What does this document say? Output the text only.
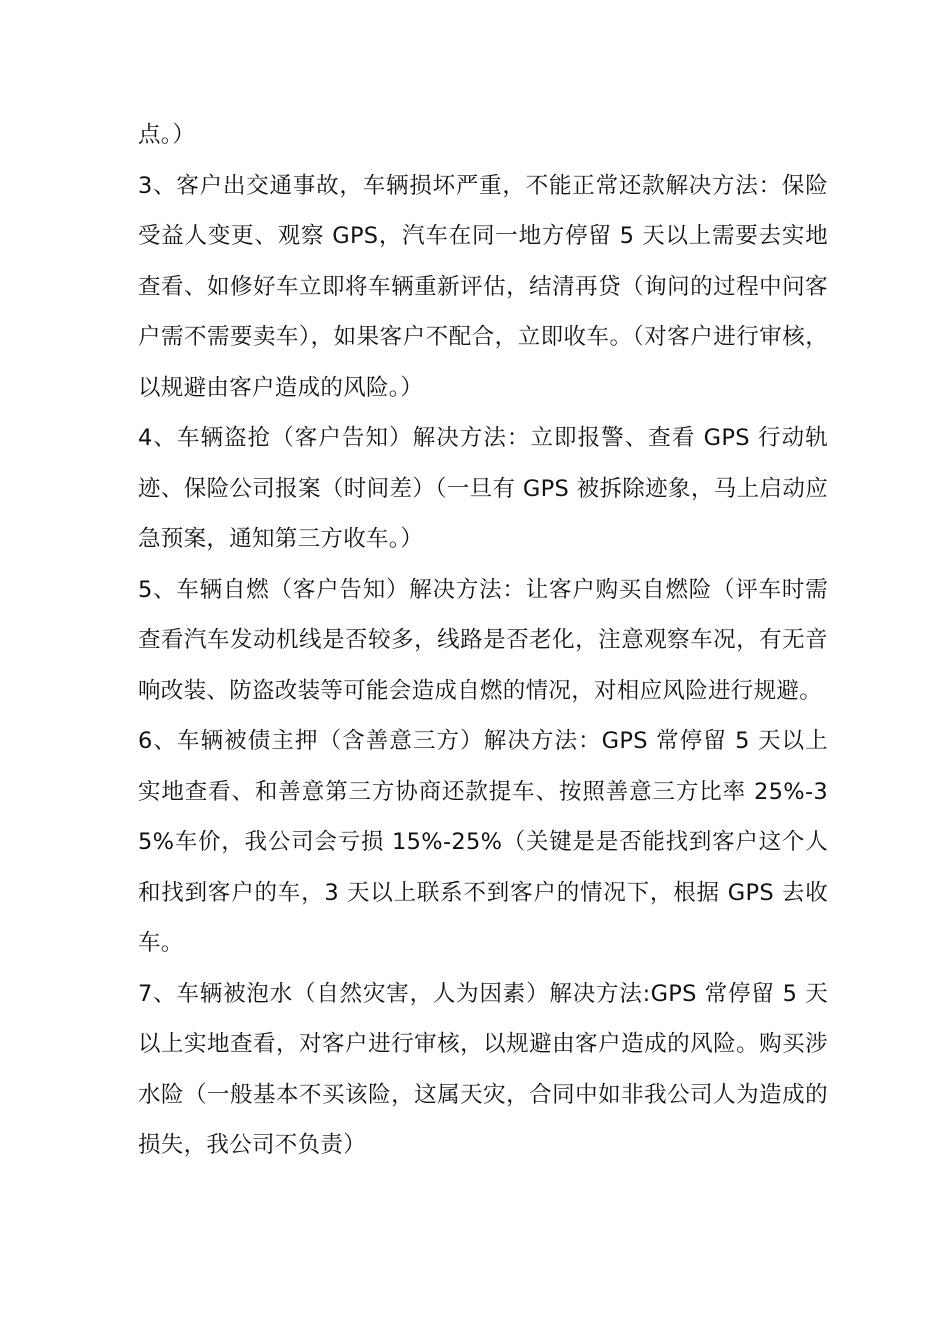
点。）

3、客户出交通事故，车辆损坏严重，不能正常还款解决方法：保险受益人变更、观察 GPS，汽车在同一地方停留 5 天以上需要去实地查看、如修好车立即将车辆重新评估，结清再贷（询问的过程中问客户需不需要卖车），如果客户不配合，立即收车。（对客户进行审核，以规避由客户造成的风险。）

4、车辆盗抢（客户告知）解决方法：立即报警、查看 GPS 行动轨迹、保险公司报案（时间差）（一旦有 GPS 被拆除迹象，马上启动应急预案，通知第三方收车。）

5、车辆自燃（客户告知）解决方法：让客户购买自燃险（评车时需查看汽车发动机线是否较多，线路是否老化，注意观察车况，有无音响改装、防盗改装等可能会造成自燃的情况，对相应风险进行规避。

6、车辆被债主押（含善意三方）解决方法：GPS 常停留 5 天以上实地查看、和善意第三方协商还款提车、按照善意三方比率 25%-35%车价，我公司会亏损 15%-25%（关键是是否能找到客户这个人和找到客户的车，3 天以上联系不到客户的情况下，根据 GPS 去收车。

7、车辆被泡水（自然灾害，人为因素）解决方法:GPS 常停留 5 天以上实地查看，对客户进行审核，以规避由客户造成的风险。购买涉水险（一般基本不买该险，这属天灾，合同中如非我公司人为造成的损失，我公司不负责）
